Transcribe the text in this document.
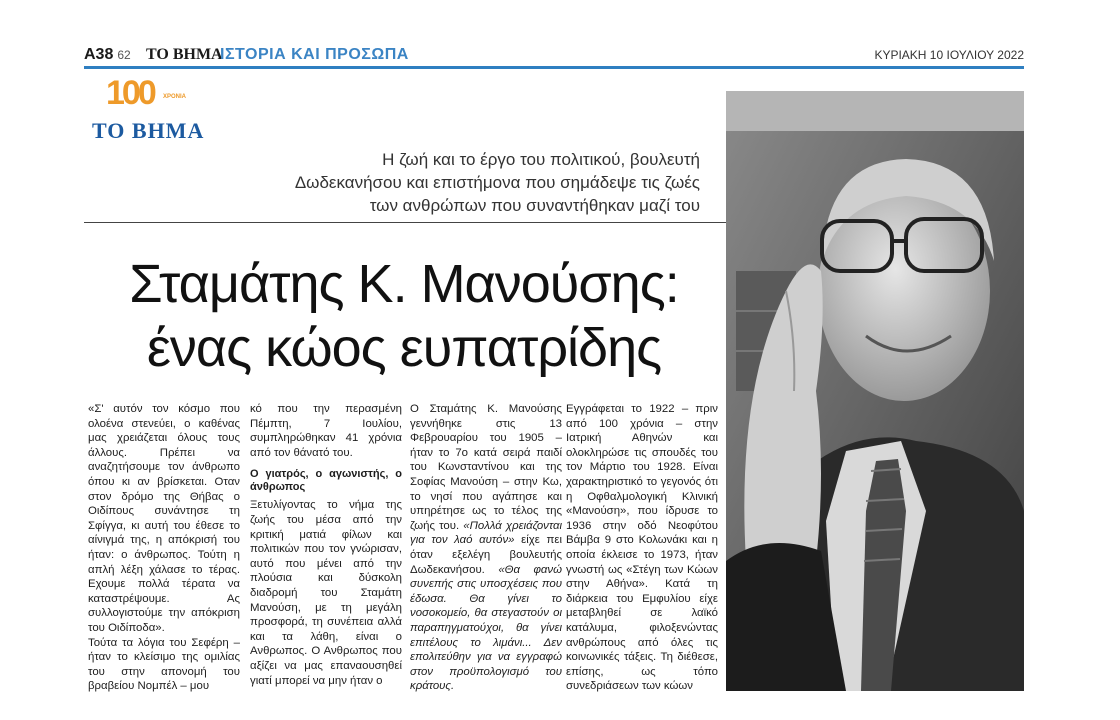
A38 62 ΤΟ ΒΗΜΑ
ΙΣΤΟΡΙΑ ΚΑΙ ΠΡΟΣΩΠΑ	ΚΥΡΙΑΚΗ 10 ΙΟΥΛΙΟΥ 2022
100 ΧΡΟΝΙΑ
ΤΟ ΒΗΜΑ
Η ζωή και το έργο του πολιτικού, βουλευτή
Δωδεκανήσου και επιστήμονα που σημάδεψε τις ζωές
των ανθρώπων που συναντήθηκαν μαζί του
Σταμάτης Κ. Μανούσης:
ένας κώος ευπατρίδης

«Σ' αυτόν τον κόσμο που ολοένα στενεύει, ο καθένας μας χρειάζεται όλους τους άλλους. Πρέπει να αναζητήσουμε τον άνθρωπο όπου κι αν βρίσκεται. Οταν στον δρόμο της Θήβας ο Οιδίπους συνάντησε τη Σφίγγα, κι αυτή του έθεσε το αίνιγμά της, η απόκρισή του ήταν: ο άνθρωπος. Τούτη η απλή λέξη χάλασε το τέρας. Εχουμε πολλά τέρατα να καταστρέψουμε. Ας συλλογιστούμε την απόκριση του Οιδίποδα».

Τούτα τα λόγια του Σεφέρη – ήταν το κλείσιμο της ομιλίας του στην απονομή του βραβείου Νομπέλ – μου

κό που την περασμένη Πέμπτη, 7 Ιουλίου, συμπληρώθηκαν 41 χρόνια από τον θάνατό του.

Ο γιατρός, ο αγωνιστής, ο άνθρωπος

Ξετυλίγοντας το νήμα της ζωής του μέσα από την κριτική ματιά φίλων και πολιτικών που τον γνώρισαν, αυτό που μένει από την πλούσια και δύσκολη διαδρομή του Σταμάτη Μανούση, με τη μεγάλη προσφορά, τη συνέπεια αλλά και τα λάθη, είναι ο Ανθρωπος. Ο Ανθρωπος που αξίζει να μας επαναουσηθεί γιατί μπορεί να μην ήταν ο

Ο Σταμάτης Κ. Μανούσης γεννήθηκε στις 13 Φεβρουαρίου του 1905 – ήταν το 7ο κατά σειρά παιδί του Κωνσταντίνου και της Σοφίας Μανούση – στην Κω, το νησί που αγάπησε και υπηρέτησε ως το τέλος της ζωής του. «Πολλά χρειάζονται για τον λαό αυτόν» είχε πει όταν εξελέγη βουλευτής Δωδεκανήσου. «Θα φανώ συνεπής στις υποσχέσεις που έδωσα. Θα γίνει το νοσοκομείο, θα στεγαστούν οι παραπηγματούχοι, θα γίνει επιτέλους το λιμάνι... Δεν επολιτεύθην για να εγγραφώ στον προϋπολογισμό του κράτους.

Εγγράφεται το 1922 – πριν από 100 χρόνια – στην Ιατρική Αθηνών και ολοκληρώσε τις σπουδές του τον Μάρτιο του 1928. Είναι χαρακτηριστικό το γεγονός ότι η Οφθαλμολογική Κλινική «Μανούση», που ίδρυσε το 1936 στην οδό Νεοφύτου Βάμβα 9 στο Κολωνάκι και η οποία έκλεισε το 1973, ήταν γνωστή ως «Στέγη των Κώων στην Αθήνα». Κατά τη διάρκεια του Εμφυλίου είχε μεταβληθεί σε λαϊκό κατάλυμα, φιλοξενώντας ανθρώπους από όλες τις κοινωνικές τάξεις. Τη διέθεσε, επίσης, ως τόπο συνεδριάσεων των κώων
